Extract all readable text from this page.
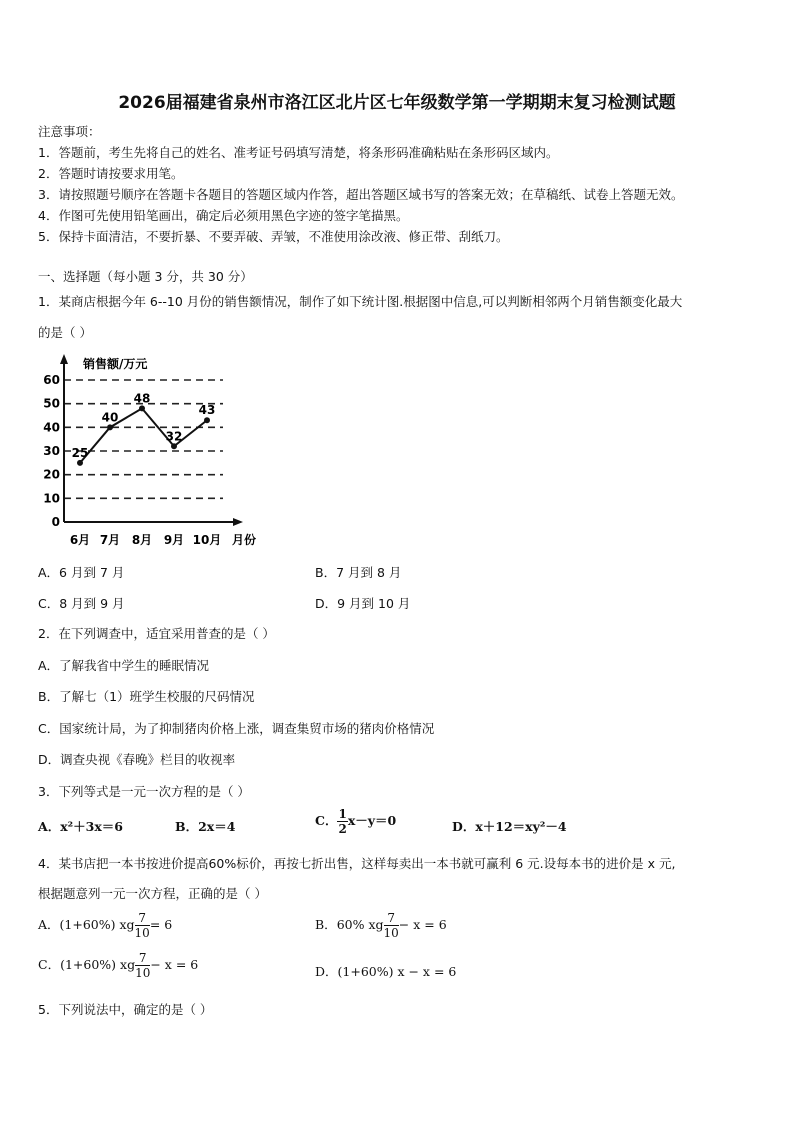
2026届福建省泉州市洛江区北片区七年级数学第一学期期末复习检测试题
注意事项：
1．答题前，考生先将自己的姓名、准考证号码填写清楚，将条形码准确粘贴在条形码区域内。
2．答题时请按要求用笔。
3．请按照题号顺序在答题卡各题目的答题区域内作答，超出答题区域书写的答案无效；在草稿纸、试卷上答题无效。
4．作图可先使用铅笔画出，确定后必须用黑色字迹的签字笔描黑。
5．保持卡面清洁，不要折暴、不要弄破、弄皱，不准使用涂改液、修正带、刮纸刀。
一、选择题（每小题 3 分，共 30 分）
1．某商店根据今年 6--10 月份的销售额情况，制作了如下统计图.根据图中信息,可以判断相邻两个月销售额变化最大
的是（ ）
0
10
20
30
40
50
60
6月 7月 8月 9月 10月
25
40
48
32
43
销售额/万元
月份
A．6 月到 7 月	B．7 月到 8 月
C．8 月到 9 月	D．9 月到 10 月
2．在下列调查中，适宜采用普查的是（ ）
A．了解我省中学生的睡眠情况
B．了解七（1）班学生校服的尺码情况
C．国家统计局，为了抑制猪肉价格上涨，调查集贸市场的猪肉价格情况
D．调查央视《春晚》栏目的收视率
3．下列等式是一元一次方程的是（ ）
A．x²＋3x＝6	B．2x＝4	C． $\frac{1}{2} x-y=0$	D．x＋12＝xy²－4
4．某书店把一本书按进价提高60%标价，再按七折出售，这样每卖出一本书就可赢利 6 元.设每本书的进价是 x 元,
根据题意列一元一次方程，正确的是（ ）
A．(1+60%) xg $\frac{7}{10} = 6$	B．60% xg $\frac{7}{10} - x = 6$
C．(1+60%) xg $\frac{7}{10} - x = 6$	D．(1+60%) x − x = 6
5．下列说法中，确定的是（ ）
